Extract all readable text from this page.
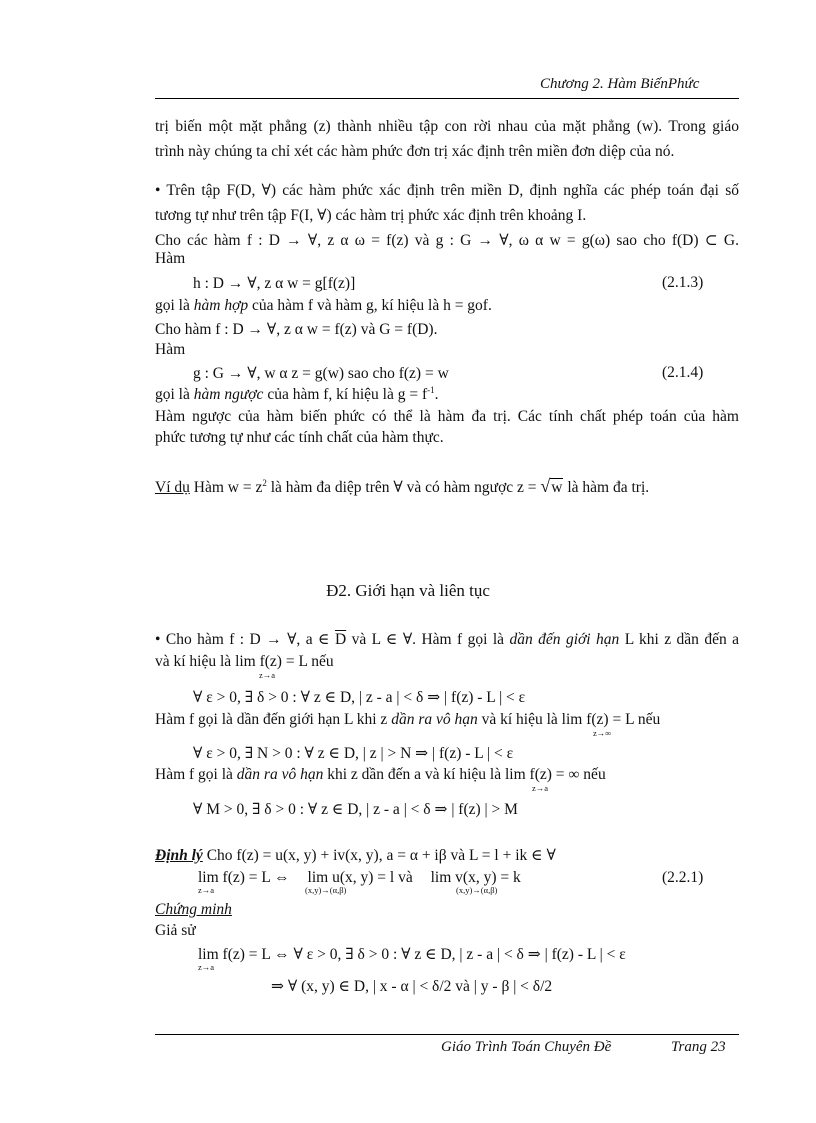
Chương 2. Hàm BiếnPhức
trị biến một mặt phẳng (z) thành nhiều tập con rời nhau của mặt phẳng (w). Trong giáo
trình này chúng ta chỉ xét các hàm phức đơn trị xác định trên miền đơn diệp của nó.
• Trên tập F(D, ∀) các hàm phức xác định trên miền D, định nghĩa các phép toán đại số
tương tự như trên tập F(I, ∀) các hàm trị phức xác định trên khoảng I.
Cho các hàm f : D → ∀, z α ω = f(z) và g : G → ∀, ω α w = g(ω) sao cho f(D) ⊂ G.
Hàm
h : D → ∀, z α w = g[f(z)]	(2.1.3)
gọi là hàm hợp của hàm f và hàm g, kí hiệu là h = gof.
Cho hàm f : D → ∀, z α w = f(z) và G = f(D).
Hàm
g : G → ∀, w α z = g(w) sao cho f(z) = w	(2.1.4)
gọi là hàm ngược của hàm f, kí hiệu là $g = f^{-1}$.
Hàm ngược của hàm biến phức có thể là hàm đa trị. Các tính chất phép toán của hàm
phức tương tự như các tính chất của hàm thực.
Ví dụ Hàm $w = z^2$ là hàm đa diệp trên ∀ và có hàm ngược z = √w là hàm đa trị.
Đ2. Giới hạn và liên tục
• Cho hàm f : D → ∀, a ∈ $\overline{D}$ và L ∈ ∀. Hàm f gọi là dần đến giới hạn L khi z dần đến a
và kí hiệu là lim f(z) = L nếu
z→a
∀ ε > 0, ∃ δ > 0 : ∀ z ∈ D, | z - a | < δ ⇒ | f(z) - L | < ε
Hàm f gọi là dần đến giới hạn L khi z dần ra vô hạn và kí hiệu là lim f(z) = L nếu
z→∞
∀ ε > 0, ∃ N > 0 : ∀ z ∈ D, | z | > N ⇒ | f(z) - L | < ε
Hàm f gọi là dần ra vô hạn khi z dần đến a và kí hiệu là lim f(z) = ∞ nếu
z→a
∀ M > 0, ∃ δ > 0 : ∀ z ∈ D, | z - a | < δ ⇒ | f(z) | > M
Định lý Cho f(z) = u(x, y) + iv(x, y), a = α + iβ và L = l + ik ∈ ∀
lim f(z) = L ⇔ lim u(x, y) = l và lim v(x, y) = k
z→a	(x,y)→(α,β)	(x,y)→(α,β)
(2.2.1)
Chứng minh
Giả sử
lim f(z) = L ⇔ ∀ ε > 0, ∃ δ > 0 : ∀ z ∈ D, | z - a | < δ ⇒ | f(z) - L | < ε
z→a
⇒ ∀ (x, y) ∈ D, | x - α | < δ/2 và | y - β | < δ/2
Giáo Trình Toán Chuyên Đề	Trang 23
